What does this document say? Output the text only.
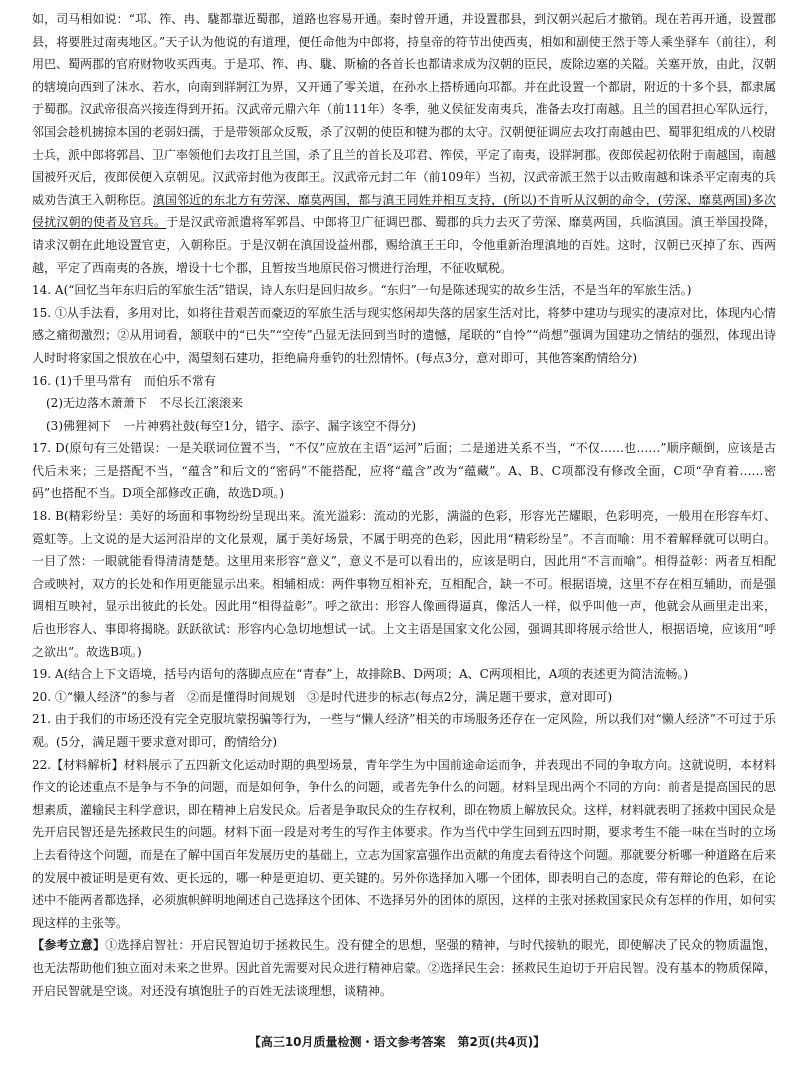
如，司马相如说：“邛、筰、冉、駹都靠近蜀郡，道路也容易开通。秦时曾开通，并设置郡县，到汉朝兴起后才撤销。现在若再开通，设置郡县，将要胜过南夷地区。”天子认为他说的有道理，便任命他为中郎将，持皇帝的符节出使西夷，相如和副使王然于等人乘坐驿车（前往），利用巴、蜀两郡的官府财物收买西夷。于是邛、筰、冉、駹、斯榆的各首长也都请求成为汉朝的臣民，废除边塞的关隘。关塞开放，由此，汉朝的辖境向西到了沬水、若水，向南到牂牁江为界，又开通了零关道，在孙水上搭桥通向邛都。并在此设置一个都尉，附近的十多个县，都隶属于蜀郡。汉武帝很高兴接连得到开拓。汉武帝元鼎六年（前111年）冬季，驰义侯征发南夷兵，准备去攻打南越。且兰的国君担心军队远行，邻国会趁机掳掠本国的老弱妇孺，于是带领部众反叛，杀了汉朝的使臣和犍为郡的太守。汉朝便征调应去攻打南越由巴、蜀罪犯组成的八校尉士兵，派中郎将郭昌、卫广率领他们去攻打且兰国，杀了且兰的首长及邛君、筰侯，平定了南夷，设牂牁郡。夜郎侯起初依附于南越国，南越国被歼灭后，夜郎侯便入京朝见。汉武帝封他为夜郎王。汉武帝元封二年（前109年）当初，汉武帝派王然于以击败南越和诛杀平定南夷的兵威劝告滇王入朝称臣。滇国邻近的东北方有劳深、靡莫两国，都与滇王同姓并相互支持，(所以)不肯听从汉朝的命令，(劳深、靡莫两国)多次侵扰汉朝的使者及官兵。于是汉武帝派遣将军郭昌、中郎将卫广征调巴郡、蜀郡的兵力去灭了劳深、靡莫两国，兵临滇国。滇王举国投降，请求汉朝在此地设置官吏，入朝称臣。于是汉朝在滇国设益州郡，赐给滇王王印，令他重新治理滇地的百姓。这时，汉朝已灭掉了东、西两越，平定了西南夷的各族，增设十七个郡，且暂按当地原民俗习惯进行治理，不征收赋税。

14. A(“回忆当年东归后的军旅生活”错误，诗人东归是回归故乡。“东归”一句是陈述现实的故乡生活，不是当年的军旅生活。)

15. ①从手法看，多用对比，如将往昔艰苦而豪迈的军旅生活与现实悠闲却失落的居家生活对比，将梦中建功与现实的凄凉对比，体现内心情感之痛彻激烈；②从用词看，颔联中的“已失”“空传”凸显无法回到当时的遗憾，尾联的“自怜”“尚想”强调为国建功之情结的强烈，体现出诗人时时将家国之恨放在心中，渴望刻石建功，拒绝扁舟垂钓的壮烈情怀。(每点3分，意对即可，其他答案酌情给分)

16. (1)千里马常有　而伯乐不常有

(2)无边落木萧萧下　不尽长江滚滚来

(3)佛狸祠下　一片神鸦社鼓(每空1分，错字、添字、漏字该空不得分)

17. D(原句有三处错误：一是关联词位置不当，“不仅”应放在主语“运河”后面；二是递进关系不当，“不仅……也……”顺序颠倒，应该是古代后未来；三是搭配不当，“蕴含”和后文的“密码”不能搭配，应将“蕴含”改为“蕴藏”。A、B、C项都没有修改全面，C项“孕育着……密码”也搭配不当。D项全部修改正确，故选D项。)

18. B(精彩纷呈：美好的场面和事物纷纷呈现出来。流光溢彩：流动的光影，满溢的色彩，形容光芒耀眼，色彩明亮，一般用在形容车灯、霓虹等。上文说的是大运河沿岸的文化景观，属于美好场景，不属于明亮的色彩，因此用“精彩纷呈”。不言而喻：用不着解释就可以明白。一目了然：一眼就能看得清清楚楚。这里用来形容“意义”，意义不是可以看出的，应该是明白，因此用“不言而喻”。相得益彰：两者互相配合或映衬，双方的长处和作用更能显示出来。相辅相成：两件事物互相补充，互相配合，缺一不可。根据语境，这里不存在相互辅助，而是强调相互映衬，显示出彼此的长处。因此用“相得益彰”。呼之欲出：形容人像画得逼真，像活人一样，似乎叫他一声，他就会从画里走出来，后也形容人、事即将揭晓。跃跃欲试：形容内心急切地想试一试。上文主语是国家文化公园，强调其即将展示给世人，根据语境，应该用“呼之欲出”。故选B项。)

19. A(结合上下文语境，括号内语句的落脚点应在“青春”上，故排除B、D两项；A、C两项相比，A项的表述更为简洁流畅。)

20. ①“懒人经济”的参与者　②而是懂得时间规划　③是时代进步的标志(每点2分，满足题干要求，意对即可)

21. 由于我们的市场还没有完全克服坑蒙拐骗等行为，一些与“懒人经济”相关的市场服务还存在一定风险，所以我们对“懒人经济”不可过于乐观。(5分，满足题干要求意对即可，酌情给分)

22.【材料解析】材料展示了五四新文化运动时期的典型场景，青年学生为中国前途命运而争，并表现出不同的争取方向。这就说明，本材料作文的论述重点不是争与不争的问题，而是如何争，争什么的问题，或者先争什么的问题。材料呈现出两个不同的方向：前者是提高国民的思想素质，灌输民主科学意识，即在精神上启发民众。后者是争取民众的生存权利，即在物质上解放民众。这样，材料就表明了拯救中国民众是先开启民智还是先拯救民生的问题。材料下面一段是对考生的写作主体要求。作为当代中学生回到五四时期，要求考生不能一味在当时的立场上去看待这个问题，而是在了解中国百年发展历史的基础上，立志为国家富强作出贡献的角度去看待这个问题。那就要分析哪一种道路在后来的发展中被证明是更有效、更长远的，哪一种是更迫切、更关键的。另外你选择加入哪一个团体，即表明自己的态度，带有辩论的色彩，在论述中不能两者都选择，必须旗帜鲜明地阐述自己选择这个团体、不选择另外的团体的原因，这样的主张对拯救国家民众有怎样的作用，如何实现这样的主张等。

【参考立意】①选择启智社：开启民智迫切于拯救民生。没有健全的思想，坚强的精神，与时代接轨的眼光，即使解决了民众的物质温饱，也无法帮助他们独立面对未来之世界。因此首先需要对民众进行精神启蒙。②选择民生会：拯救民生迫切于开启民智。没有基本的物质保障，开启民智就是空谈。对还没有填饱肚子的百姓无法谈理想，谈精神。

【高三10月质量检测・语文参考答案　第2页(共4页)】
